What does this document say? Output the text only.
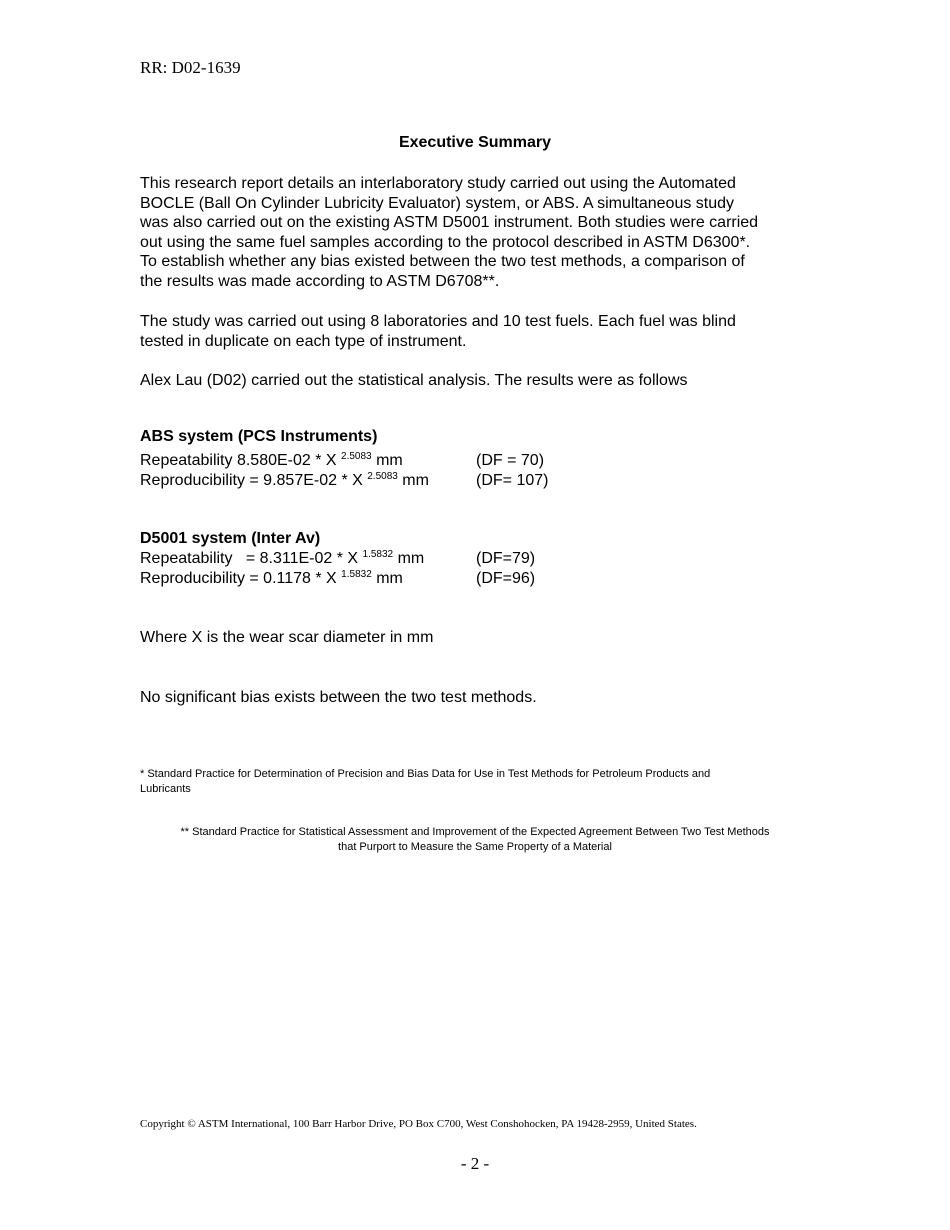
RR: D02-1639
Executive Summary
This research report details an interlaboratory study carried out using the Automated
BOCLE (Ball On Cylinder Lubricity Evaluator) system, or ABS. A simultaneous study
was also carried out on the existing ASTM D5001 instrument. Both studies were carried
out using the same fuel samples according to the protocol described in ASTM D6300*.
To establish whether any bias existed between the two test methods, a comparison of
the results was made according to ASTM D6708**.
The study was carried out using 8 laboratories and 10 test fuels. Each fuel was blind
tested in duplicate on each type of instrument.
Alex Lau (D02) carried out the statistical analysis. The results were as follows
ABS system (PCS Instruments)
Repeatability 8.580E-02 * X $^{2.5083}$ mm	(DF = 70)
Reproducibility = 9.857E-02 * X $^{2.5083}$ mm	(DF= 107)
D5001 system (Inter Av)
Repeatability   = 8.311E-02 * X $^{1.5832}$ mm	(DF=79)
Reproducibility = 0.1178 * X $^{1.5832}$ mm	(DF=96)
Where X is the wear scar diameter in mm
No significant bias exists between the two test methods.
* Standard Practice for Determination of Precision and Bias Data for Use in Test Methods for Petroleum Products and
Lubricants
** Standard Practice for Statistical Assessment and Improvement of the Expected Agreement Between Two Test Methods
that Purport to Measure the Same Property of a Material
Copyright © ASTM International, 100 Barr Harbor Drive, PO Box C700, West Conshohocken, PA 19428-2959, United States.
- 2 -
